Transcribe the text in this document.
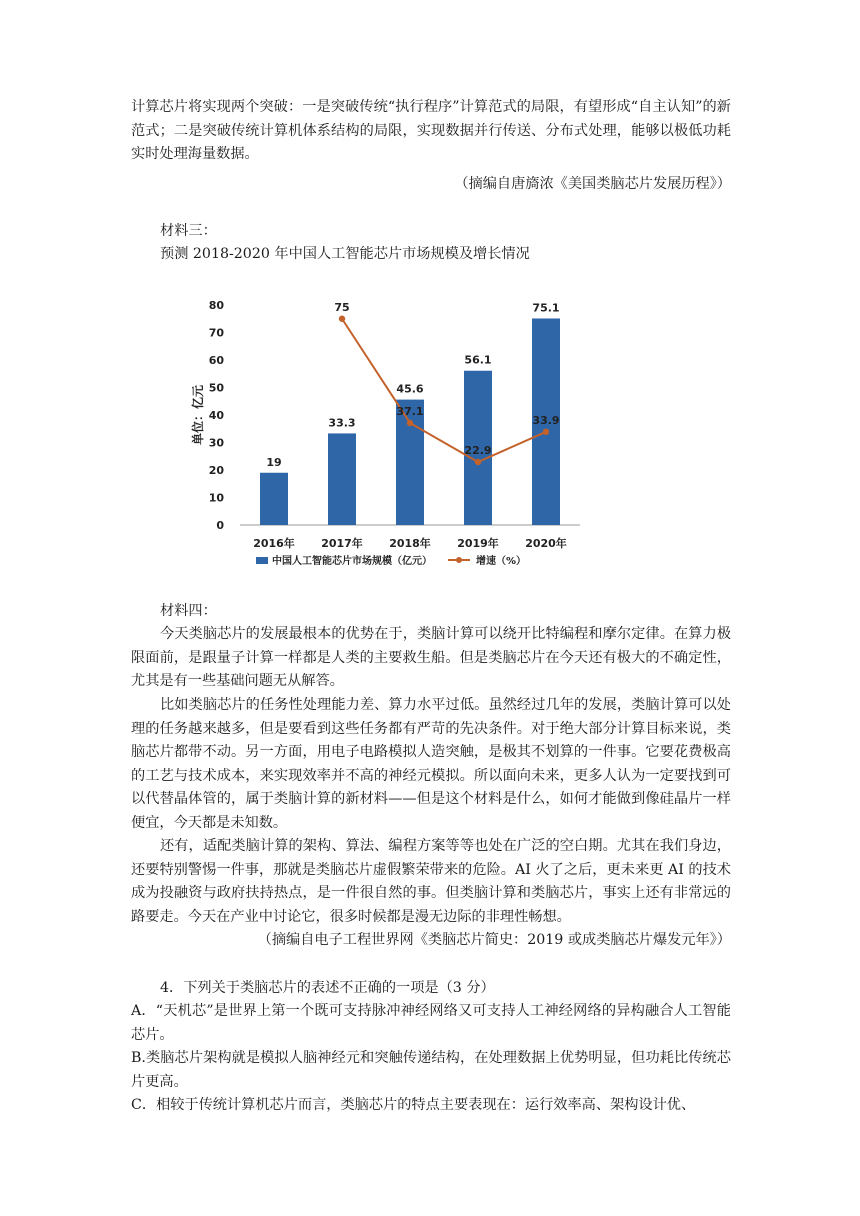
计算芯片将实现两个突破：一是突破传统“执行程序”计算范式的局限，有望形成“自主认知”的新范式；二是突破传统计算机体系结构的局限，实现数据并行传送、分布式处理，能够以极低功耗实时处理海量数据。

（摘编自唐旖浓《美国类脑芯片发展历程》）

材料三：

预测 2018-2020 年中国人工智能芯片市场规模及增长情况

0
10
20
30
40
50
60
70
80
单位：亿元
19
33.3
45.6
56.1
75.1
2016年 2017年 2018年 2019年 2020年
75
37.1
22.9
33.9
中国人工智能芯片市场规模（亿元）	增速（%）

材料四：

今天类脑芯片的发展最根本的优势在于，类脑计算可以绕开比特编程和摩尔定律。在算力极限面前，是跟量子计算一样都是人类的主要救生船。但是类脑芯片在今天还有极大的不确定性，尤其是有一些基础问题无从解答。

比如类脑芯片的任务性处理能力差、算力水平过低。虽然经过几年的发展，类脑计算可以处理的任务越来越多，但是要看到这些任务都有严苛的先决条件。对于绝大部分计算目标来说，类脑芯片都带不动。另一方面，用电子电路模拟人造突触，是极其不划算的一件事。它要花费极高的工艺与技术成本，来实现效率并不高的神经元模拟。所以面向未来，更多人认为一定要找到可以代替晶体管的，属于类脑计算的新材料——但是这个材料是什么，如何才能做到像硅晶片一样便宜，今天都是未知数。

还有，适配类脑计算的架构、算法、编程方案等等也处在广泛的空白期。尤其在我们身边，还要特别警惕一件事，那就是类脑芯片虚假繁荣带来的危险。AI 火了之后，更未来更 AI 的技术成为投融资与政府扶持热点，是一件很自然的事。但类脑计算和类脑芯片，事实上还有非常远的路要走。今天在产业中讨论它，很多时候都是漫无边际的非理性畅想。

（摘编自电子工程世界网《类脑芯片简史：2019 或成类脑芯片爆发元年》）

4．下列关于类脑芯片的表述不正确的一项是（3 分）

A．“天机芯”是世界上第一个既可支持脉冲神经网络又可支持人工神经网络的异构融合人工智能芯片。

B.类脑芯片架构就是模拟人脑神经元和突触传递结构，在处理数据上优势明显，但功耗比传统芯片更高。

C．相较于传统计算机芯片而言，类脑芯片的特点主要表现在：运行效率高、架构设计优、
